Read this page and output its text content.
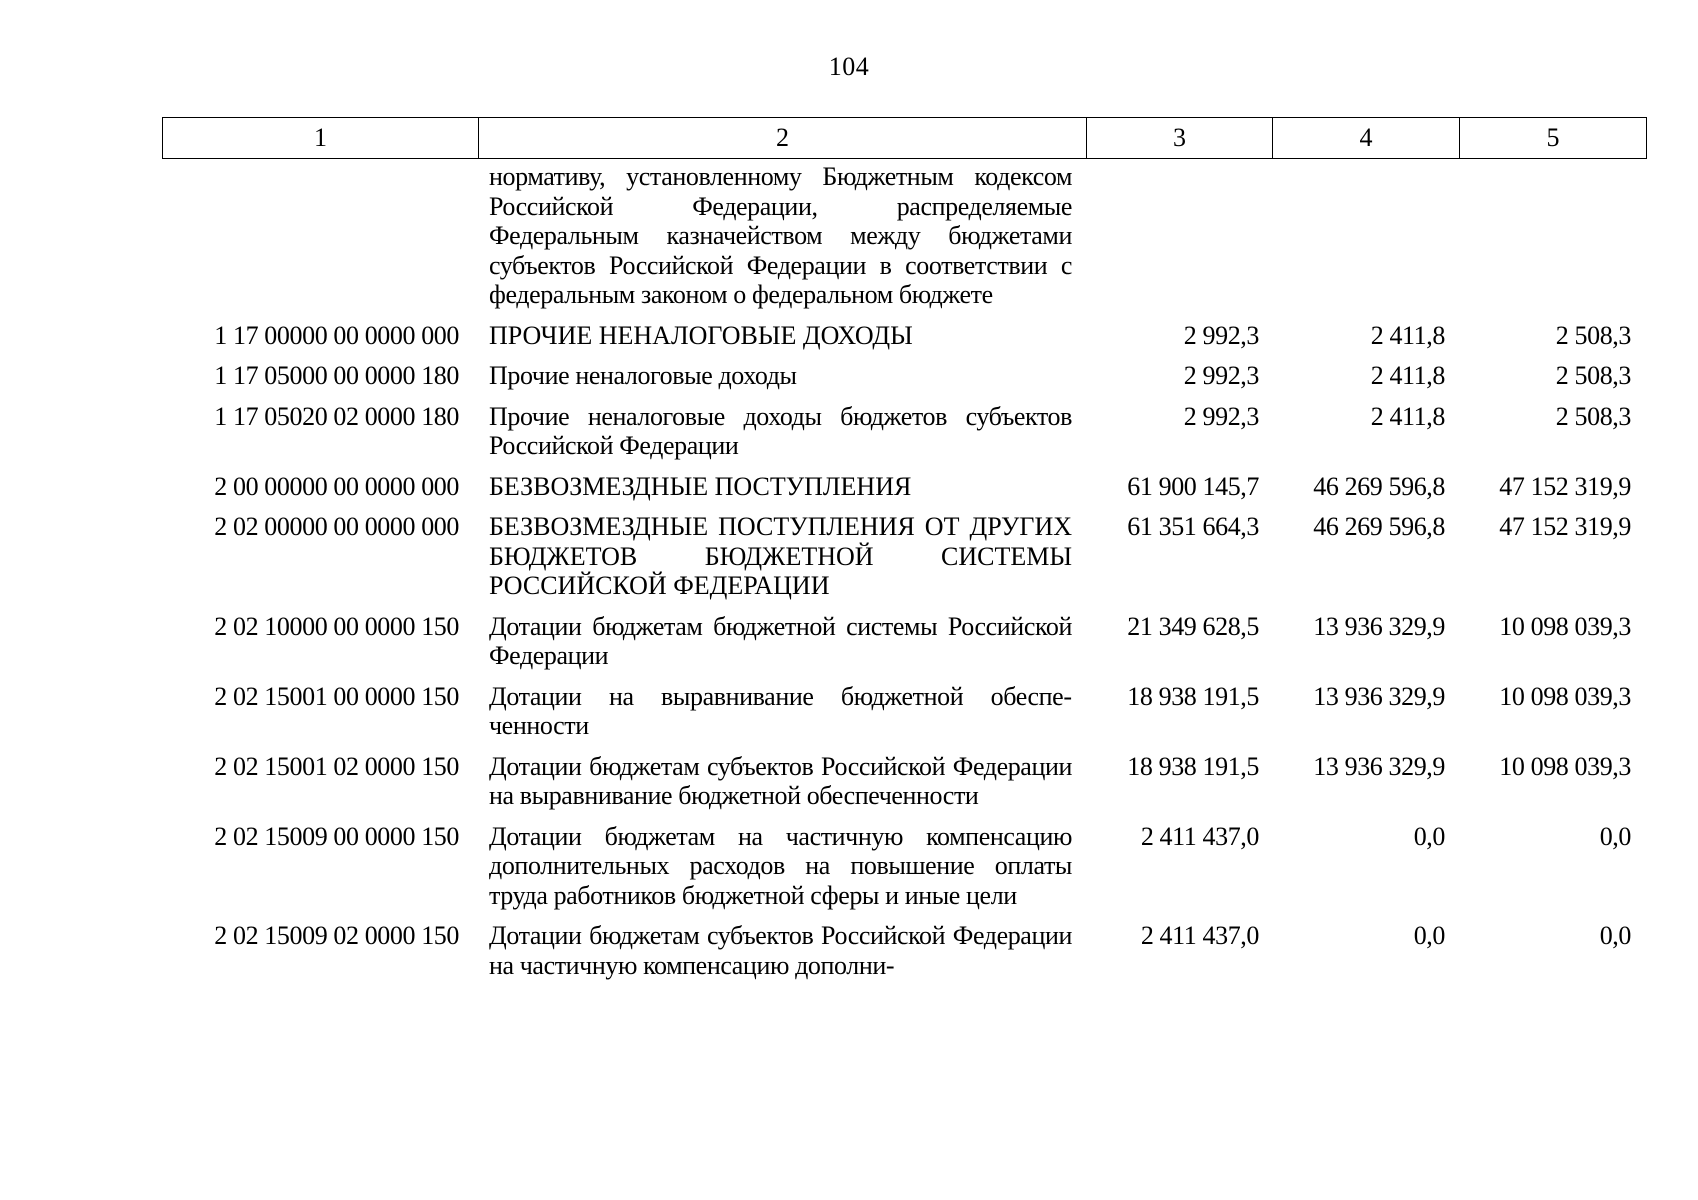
104
1	2	3	4	5
	нормативу, установленному Бюджетным кодексом Российской Федерации, распределяемые Федеральным казначейством между бюджетами субъектов Российской Федерации в соответствии с федеральным законом о федеральном бюджете			
1 17 00000 00 0000 000	ПРОЧИЕ НЕНАЛОГОВЫЕ ДОХОДЫ	2 992,3	2 411,8	2 508,3
1 17 05000 00 0000 180	Прочие неналоговые доходы	2 992,3	2 411,8	2 508,3
1 17 05020 02 0000 180	Прочие неналоговые доходы бюджетов субъектов Российской Федерации	2 992,3	2 411,8	2 508,3
2 00 00000 00 0000 000	БЕЗВОЗМЕЗДНЫЕ ПОСТУПЛЕНИЯ	61 900 145,7	46 269 596,8	47 152 319,9
2 02 00000 00 0000 000	БЕЗВОЗМЕЗДНЫЕ ПОСТУПЛЕНИЯ ОТ ДРУГИХ БЮДЖЕТОВ БЮДЖЕТНОЙ СИСТЕМЫ РОССИЙСКОЙ ФЕДЕРАЦИИ	61 351 664,3	46 269 596,8	47 152 319,9
2 02 10000 00 0000 150	Дотации бюджетам бюджетной системы Российской Федерации	21 349 628,5	13 936 329,9	10 098 039,3
2 02 15001 00 0000 150	Дотации на выравнивание бюджетной обеспеченности	18 938 191,5	13 936 329,9	10 098 039,3
2 02 15001 02 0000 150	Дотации бюджетам субъектов Российской Федерации на выравнивание бюджетной обеспеченности	18 938 191,5	13 936 329,9	10 098 039,3
2 02 15009 00 0000 150	Дотации бюджетам на частичную компенсацию дополнительных расходов на повышение оплаты труда работников бюджетной сферы и иные цели	2 411 437,0	0,0	0,0
2 02 15009 02 0000 150	Дотации бюджетам субъектов Российской Федерации на частичную компенсацию дополни-	2 411 437,0	0,0	0,0
